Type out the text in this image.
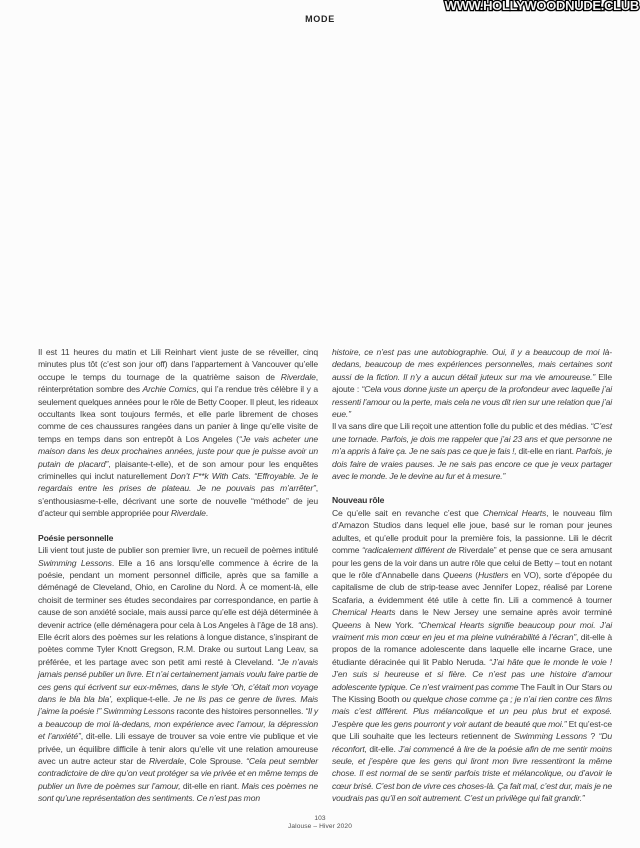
WWW.HOLLYWOODNUDE.CLUB
MODE
Il est 11 heures du matin et Lili Reinhart vient juste de se réveiller, cinq minutes plus tôt (c’est son jour off) dans l’appartement à Vancouver qu’elle occupe le temps du tournage de la quatrième saison de Riverdale, réinterprétation sombre des Archie Comics, qui l’a rendue très célèbre il y a seulement quelques années pour le rôle de Betty Cooper. Il pleut, les rideaux occultants Ikea sont toujours fermés, et elle parle librement de choses comme de ces chaussures rangées dans un panier à linge qu’elle visite de temps en temps dans son entrepôt à Los Angeles (“Je vais acheter une maison dans les deux prochaines années, juste pour que je puisse avoir un putain de placard”, plaisante-t-elle), et de son amour pour les enquêtes criminelles qui inclut naturellement Don’t F**k With Cats. “Effroyable. Je le regardais entre les prises de plateau. Je ne pouvais pas m’arrêter”, s’enthousiasme-t-elle, décrivant une sorte de nouvelle “méthode” de jeu d’acteur qui semble appropriée pour Riverdale.
Poésie personnelle
Lili vient tout juste de publier son premier livre, un recueil de poèmes intitulé Swimming Lessons. Elle a 16 ans lorsqu’elle commence à écrire de la poésie, pendant un moment personnel difficile, après que sa famille a déménagé de Cleveland, Ohio, en Caroline du Nord. À ce moment-là, elle choisit de terminer ses études secondaires par correspondance, en partie à cause de son anxiété sociale, mais aussi parce qu’elle est déjà déterminée à devenir actrice (elle déménagera pour cela à Los Angeles à l’âge de 18 ans). Elle écrit alors des poèmes sur les relations à longue distance, s’inspirant de poètes comme Tyler Knott Gregson, R.M. Drake ou surtout Lang Leav, sa préférée, et les partage avec son petit ami resté à Cleveland. “Je n’avais jamais pensé publier un livre. Et n’ai certainement jamais voulu faire partie de ces gens qui écrivent sur eux-mêmes, dans le style ‘Oh, c’était mon voyage dans le bla bla bla’, explique-t-elle. Je ne lis pas ce genre de livres. Mais j’aime la poésie !” Swimming Lessons raconte des histoires personnelles. “Il y a beaucoup de moi là-dedans, mon expérience avec l’amour, la dépression et l’anxiété”, dit-elle. Lili essaye de trouver sa voie entre vie publique et vie privée, un équilibre difficile à tenir alors qu’elle vit une relation amoureuse avec un autre acteur star de Riverdale, Cole Sprouse. “Cela peut sembler contradictoire de dire qu’on veut protéger sa vie privée et en même temps de publier un livre de poèmes sur l’amour, dit-elle en riant. Mais ces poèmes ne sont qu’une représentation des sentiments. Ce n’est pas mon
histoire, ce n’est pas une autobiographie. Oui, il y a beaucoup de moi là-dedans, beaucoup de mes expériences personnelles, mais certaines sont aussi de la fiction. Il n’y a aucun détail juteux sur ma vie amoureuse.” Elle ajoute : “Cela vous donne juste un aperçu de la profondeur avec laquelle j’ai ressenti l’amour ou la perte, mais cela ne vous dit rien sur une relation que j’ai eue.”
Il va sans dire que Lili reçoit une attention folle du public et des médias. “C’est une tornade. Parfois, je dois me rappeler que j’ai 23 ans et que personne ne m’a appris à faire ça. Je ne sais pas ce que je fais !, dit-elle en riant. Parfois, je dois faire de vraies pauses. Je ne sais pas encore ce que je veux partager avec le monde. Je le devine au fur et à mesure.”
Nouveau rôle
Ce qu’elle sait en revanche c’est que Chemical Hearts, le nouveau film d’Amazon Studios dans lequel elle joue, basé sur le roman pour jeunes adultes, et qu’elle produit pour la première fois, la passionne. Lili le décrit comme “radicalement différent de Riverdale” et pense que ce sera amusant pour les gens de la voir dans un autre rôle que celui de Betty – tout en notant que le rôle d’Annabelle dans Queens (Hustlers en VO), sorte d’épopée du capitalisme de club de strip-tease avec Jennifer Lopez, réalisé par Lorene Scafaria, a évidemment été utile à cette fin. Lili a commencé à tourner Chemical Hearts dans le New Jersey une semaine après avoir terminé Queens à New York. “Chemical Hearts signifie beaucoup pour moi. J’ai vraiment mis mon cœur en jeu et ma pleine vulnérabilité à l’écran”, dit-elle à propos de la romance adolescente dans laquelle elle incarne Grace, une étudiante déracinée qui lit Pablo Neruda. “J’ai hâte que le monde le voie ! J’en suis si heureuse et si fière. Ce n’est pas une histoire d’amour adolescente typique. Ce n’est vraiment pas comme The Fault in Our Stars ou The Kissing Booth ou quelque chose comme ça ; je n’ai rien contre ces films mais c’est différent. Plus mélancolique et un peu plus brut et exposé. J’espère que les gens pourront y voir autant de beauté que moi.” Et qu’est-ce que Lili souhaite que les lecteurs retiennent de Swimming Lessons ? “Du réconfort, dit-elle. J’ai commencé à lire de la poésie afin de me sentir moins seule, et j’espère que les gens qui liront mon livre ressentiront la même chose. Il est normal de se sentir parfois triste et mélancolique, ou d’avoir le cœur brisé. C’est bon de vivre ces choses-là. Ça fait mal, c’est dur, mais je ne voudrais pas qu’il en soit autrement. C’est un privilège qui fait grandir.”
103
Jalouse – Hiver 2020
